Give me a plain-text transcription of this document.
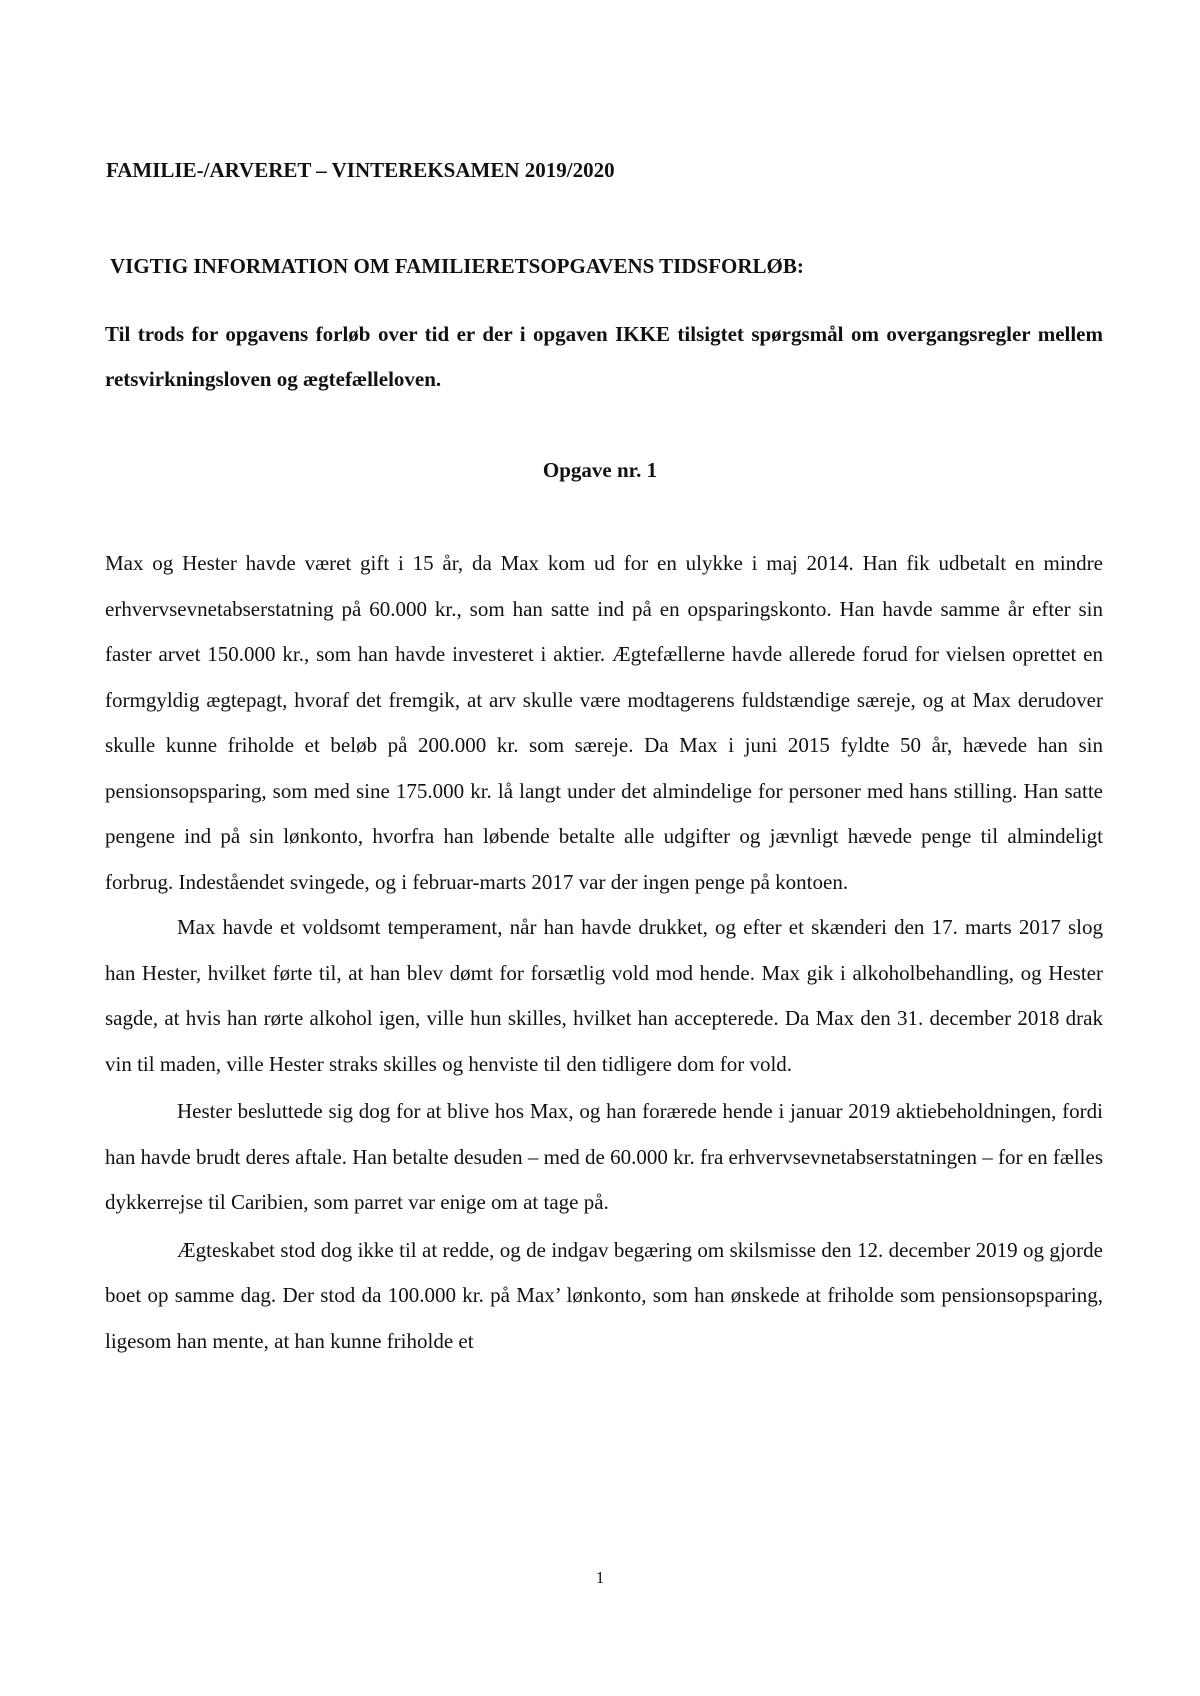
FAMILIE-/ARVERET – VINTEREKSAMEN 2019/2020
VIGTIG INFORMATION OM FAMILIERETSOPGAVENS TIDSFORLØB:

Til trods for opgavens forløb over tid er der i opgaven IKKE tilsigtet spørgsmål om overgangsregler mellem retsvirkningsloven og ægtefælleloven.

Opgave nr. 1

Max og Hester havde været gift i 15 år, da Max kom ud for en ulykke i maj 2014. Han fik udbetalt en mindre erhvervsevnetabserstatning på 60.000 kr., som han satte ind på en opsparingskonto. Han havde samme år efter sin faster arvet 150.000 kr., som han havde investeret i aktier. Ægtefællerne havde allerede forud for vielsen oprettet en formgyldig ægtepagt, hvoraf det fremgik, at arv skulle være modtagerens fuldstændige særeje, og at Max derudover skulle kunne friholde et beløb på 200.000 kr. som særeje. Da Max i juni 2015 fyldte 50 år, hævede han sin pensionsopsparing, som med sine 175.000 kr. lå langt under det almindelige for personer med hans stilling. Han satte pengene ind på sin lønkonto, hvorfra han løbende betalte alle udgifter og jævnligt hævede penge til almindeligt forbrug. Indeståendet svingede, og i februar-marts 2017 var der ingen penge på kontoen.

Max havde et voldsomt temperament, når han havde drukket, og efter et skænderi den 17. marts 2017 slog han Hester, hvilket førte til, at han blev dømt for forsætlig vold mod hende. Max gik i alkoholbehandling, og Hester sagde, at hvis han rørte alkohol igen, ville hun skilles, hvilket han accepterede. Da Max den 31. december 2018 drak vin til maden, ville Hester straks skilles og henviste til den tidligere dom for vold.

Hester besluttede sig dog for at blive hos Max, og han forærede hende i januar 2019 aktiebeholdningen, fordi han havde brudt deres aftale. Han betalte desuden – med de 60.000 kr. fra erhvervsevnetabserstatningen – for en fælles dykkerrejse til Caribien, som parret var enige om at tage på.

Ægteskabet stod dog ikke til at redde, og de indgav begæring om skilsmisse den 12. december 2019 og gjorde boet op samme dag. Der stod da 100.000 kr. på Max’ lønkonto, som han ønskede at friholde som pensionsopsparing, ligesom han mente, at han kunne friholde et

1
